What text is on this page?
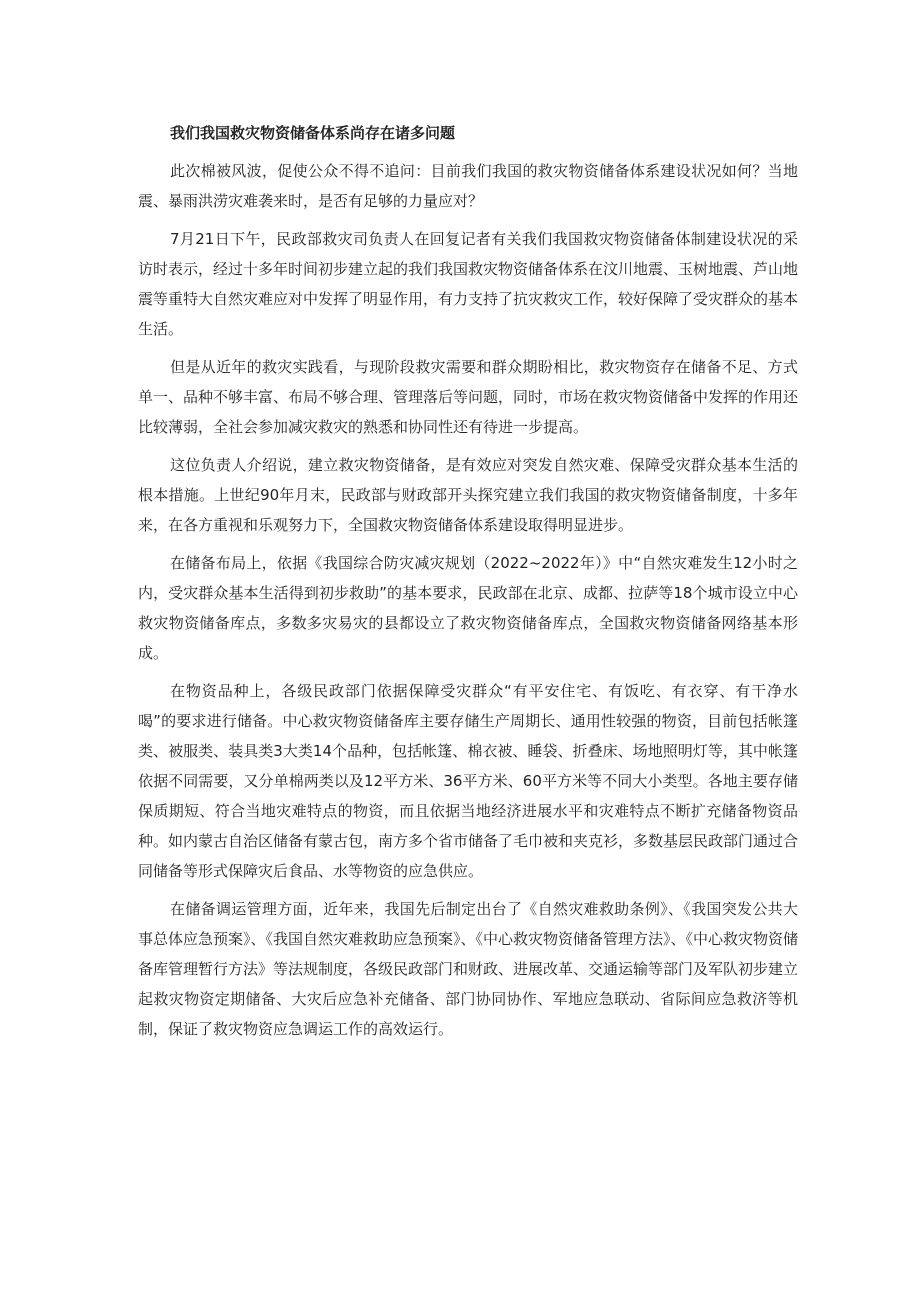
我们我国救灾物资储备体系尚存在诸多问题

此次棉被风波，促使公众不得不追问：目前我们我国的救灾物资储备体系建设状况如何？当地震、暴雨洪涝灾难袭来时，是否有足够的力量应对？

7月21日下午，民政部救灾司负责人在回复记者有关我们我国救灾物资储备体制建设状况的采访时表示，经过十多年时间初步建立起的我们我国救灾物资储备体系在汶川地震、玉树地震、芦山地震等重特大自然灾难应对中发挥了明显作用，有力支持了抗灾救灾工作，较好保障了受灾群众的基本生活。

但是从近年的救灾实践看，与现阶段救灾需要和群众期盼相比，救灾物资存在储备不足、方式单一、品种不够丰富、布局不够合理、管理落后等问题，同时，市场在救灾物资储备中发挥的作用还比较薄弱，全社会参加减灾救灾的熟悉和协同性还有待进一步提高。

这位负责人介绍说，建立救灾物资储备，是有效应对突发自然灾难、保障受灾群众基本生活的根本措施。上世纪90年月末，民政部与财政部开头探究建立我们我国的救灾物资储备制度，十多年来，在各方重视和乐观努力下，全国救灾物资储备体系建设取得明显进步。

在储备布局上，依据《我国综合防灾减灾规划（2022~2022年）》中“自然灾难发生12小时之内，受灾群众基本生活得到初步救助”的基本要求，民政部在北京、成都、拉萨等18个城市设立中心救灾物资储备库点，多数多灾易灾的县都设立了救灾物资储备库点，全国救灾物资储备网络基本形成。

在物资品种上，各级民政部门依据保障受灾群众“有平安住宅、有饭吃、有衣穿、有干净水喝”的要求进行储备。中心救灾物资储备库主要存储生产周期长、通用性较强的物资，目前包括帐篷类、被服类、装具类3大类14个品种，包括帐篷、棉衣被、睡袋、折叠床、场地照明灯等，其中帐篷依据不同需要，又分单棉两类以及12平方米、36平方米、60平方米等不同大小类型。各地主要存储保质期短、符合当地灾难特点的物资，而且依据当地经济进展水平和灾难特点不断扩充储备物资品种。如内蒙古自治区储备有蒙古包，南方多个省市储备了毛巾被和夹克衫，多数基层民政部门通过合同储备等形式保障灾后食品、水等物资的应急供应。

在储备调运管理方面，近年来，我国先后制定出台了《自然灾难救助条例》、《我国突发公共大事总体应急预案》、《我国自然灾难救助应急预案》、《中心救灾物资储备管理方法》、《中心救灾物资储备库管理暂行方法》等法规制度，各级民政部门和财政、进展改革、交通运输等部门及军队初步建立起救灾物资定期储备、大灾后应急补充储备、部门协同协作、军地应急联动、省际间应急救济等机制，保证了救灾物资应急调运工作的高效运行。
